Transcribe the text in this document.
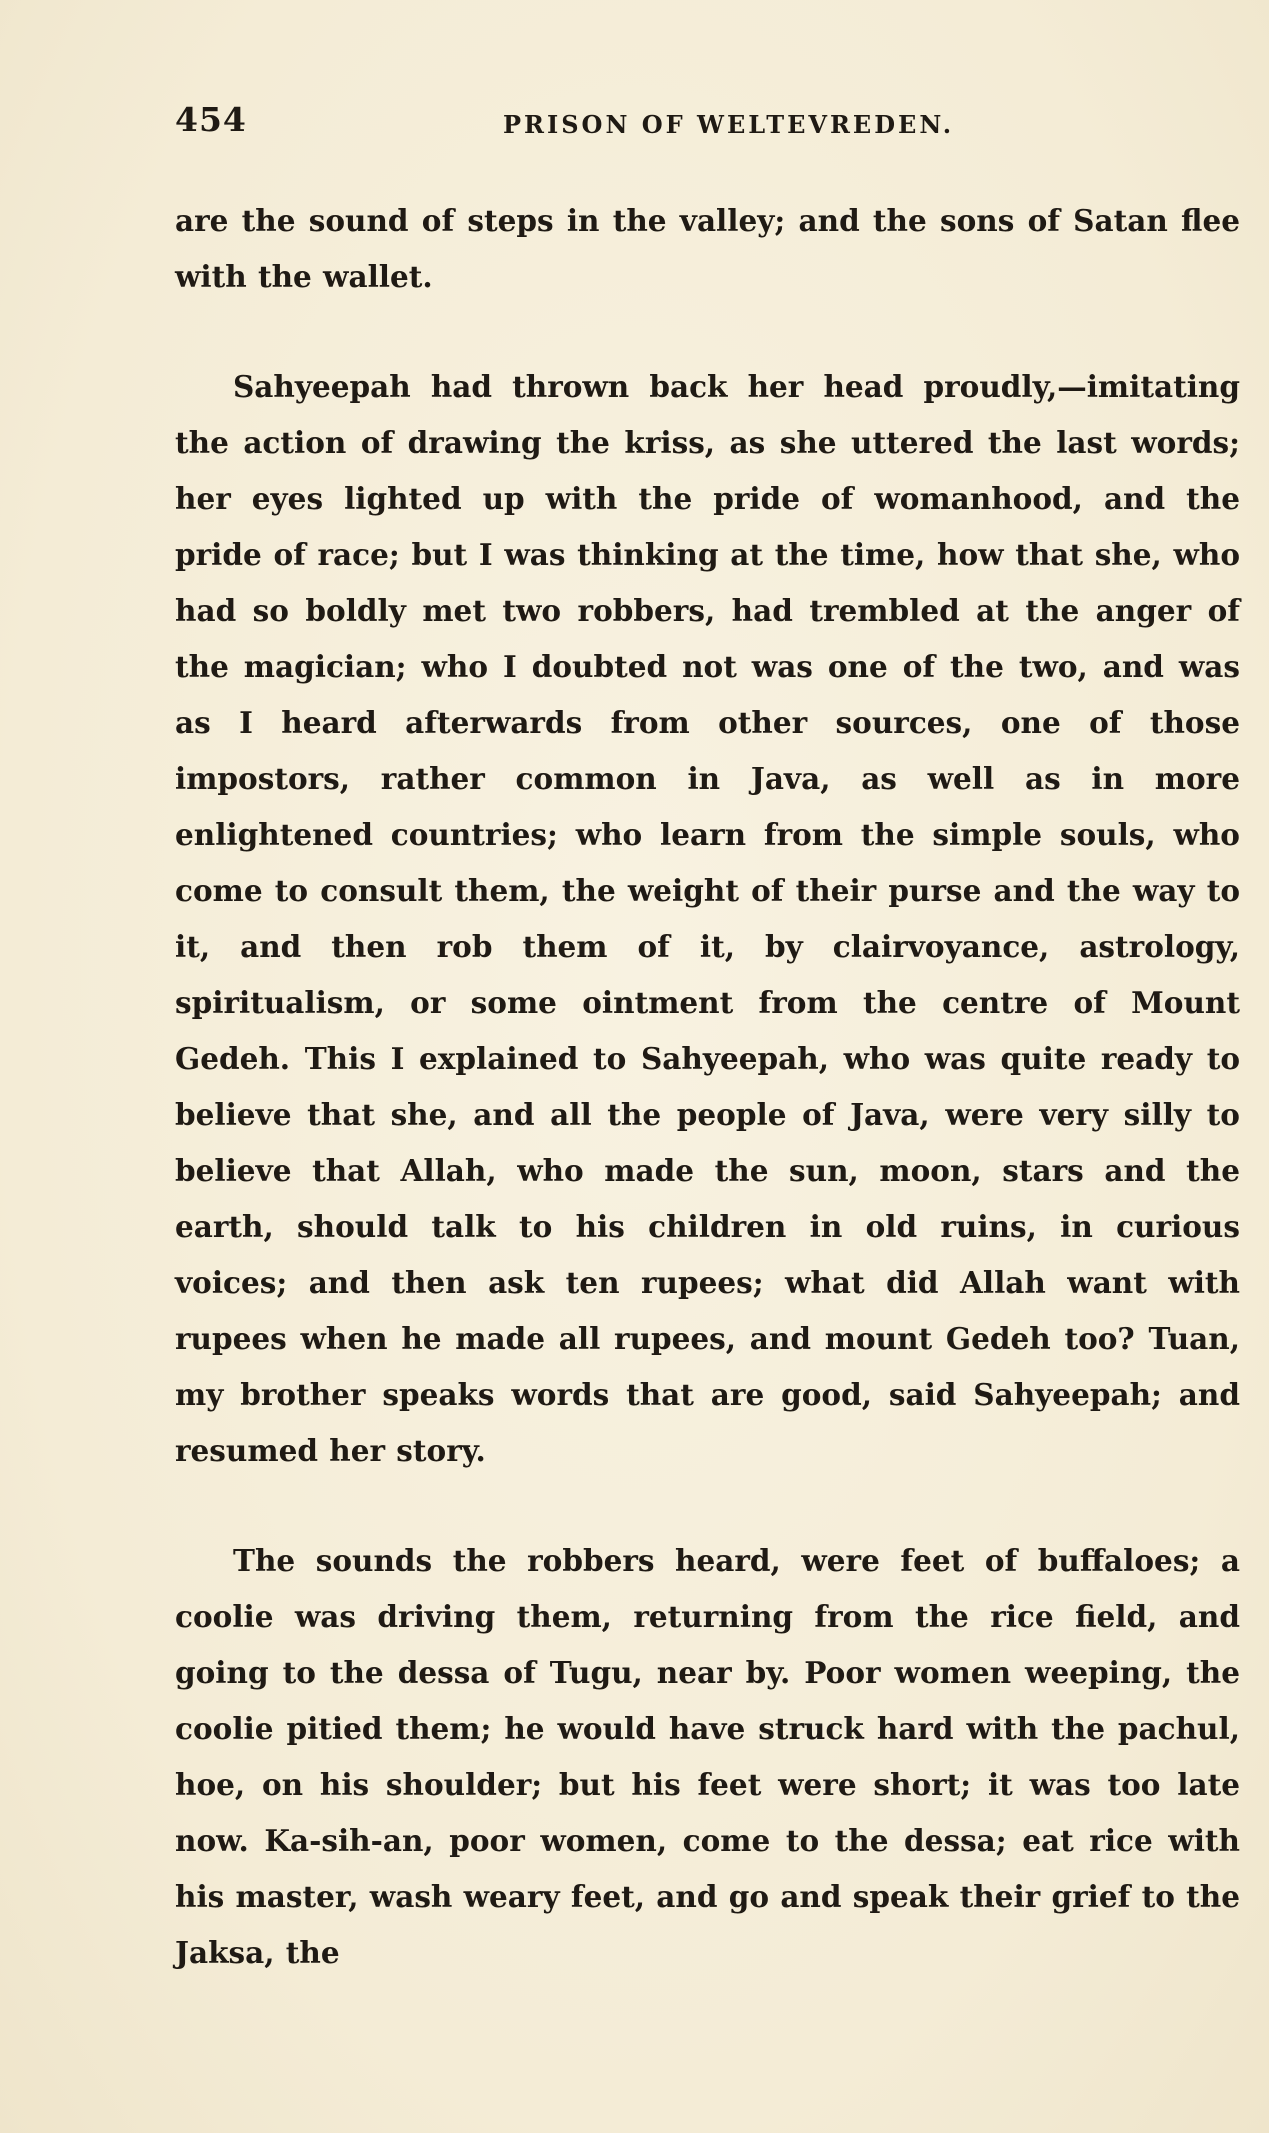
454	PRISON OF WELTEVREDEN.

are the sound of steps in the valley; and the sons of Satan flee with the wallet.

Sahyeepah had thrown back her head proudly,—imitating the action of drawing the kriss, as she uttered the last words; her eyes lighted up with the pride of womanhood, and the pride of race; but I was thinking at the time, how that she, who had so boldly met two robbers, had trembled at the anger of the magician; who I doubted not was one of the two, and was as I heard afterwards from other sources, one of those impostors, rather common in Java, as well as in more enlightened countries; who learn from the simple souls, who come to consult them, the weight of their purse and the way to it, and then rob them of it, by clairvoyance, astrology, spiritualism, or some ointment from the centre of Mount Gedeh. This I explained to Sahyeepah, who was quite ready to believe that she, and all the people of Java, were very silly to believe that Allah, who made the sun, moon, stars and the earth, should talk to his children in old ruins, in curious voices; and then ask ten rupees; what did Allah want with rupees when he made all rupees, and mount Gedeh too? Tuan, my brother speaks words that are good, said Sahyeepah; and resumed her story.

The sounds the robbers heard, were feet of buffaloes; a coolie was driving them, returning from the rice field, and going to the dessa of Tugu, near by. Poor women weeping, the coolie pitied them; he would have struck hard with the pachul, hoe, on his shoulder; but his feet were short; it was too late now. Ka-sih-an, poor women, come to the dessa; eat rice with his master, wash weary feet, and go and speak their grief to the Jaksa, the
